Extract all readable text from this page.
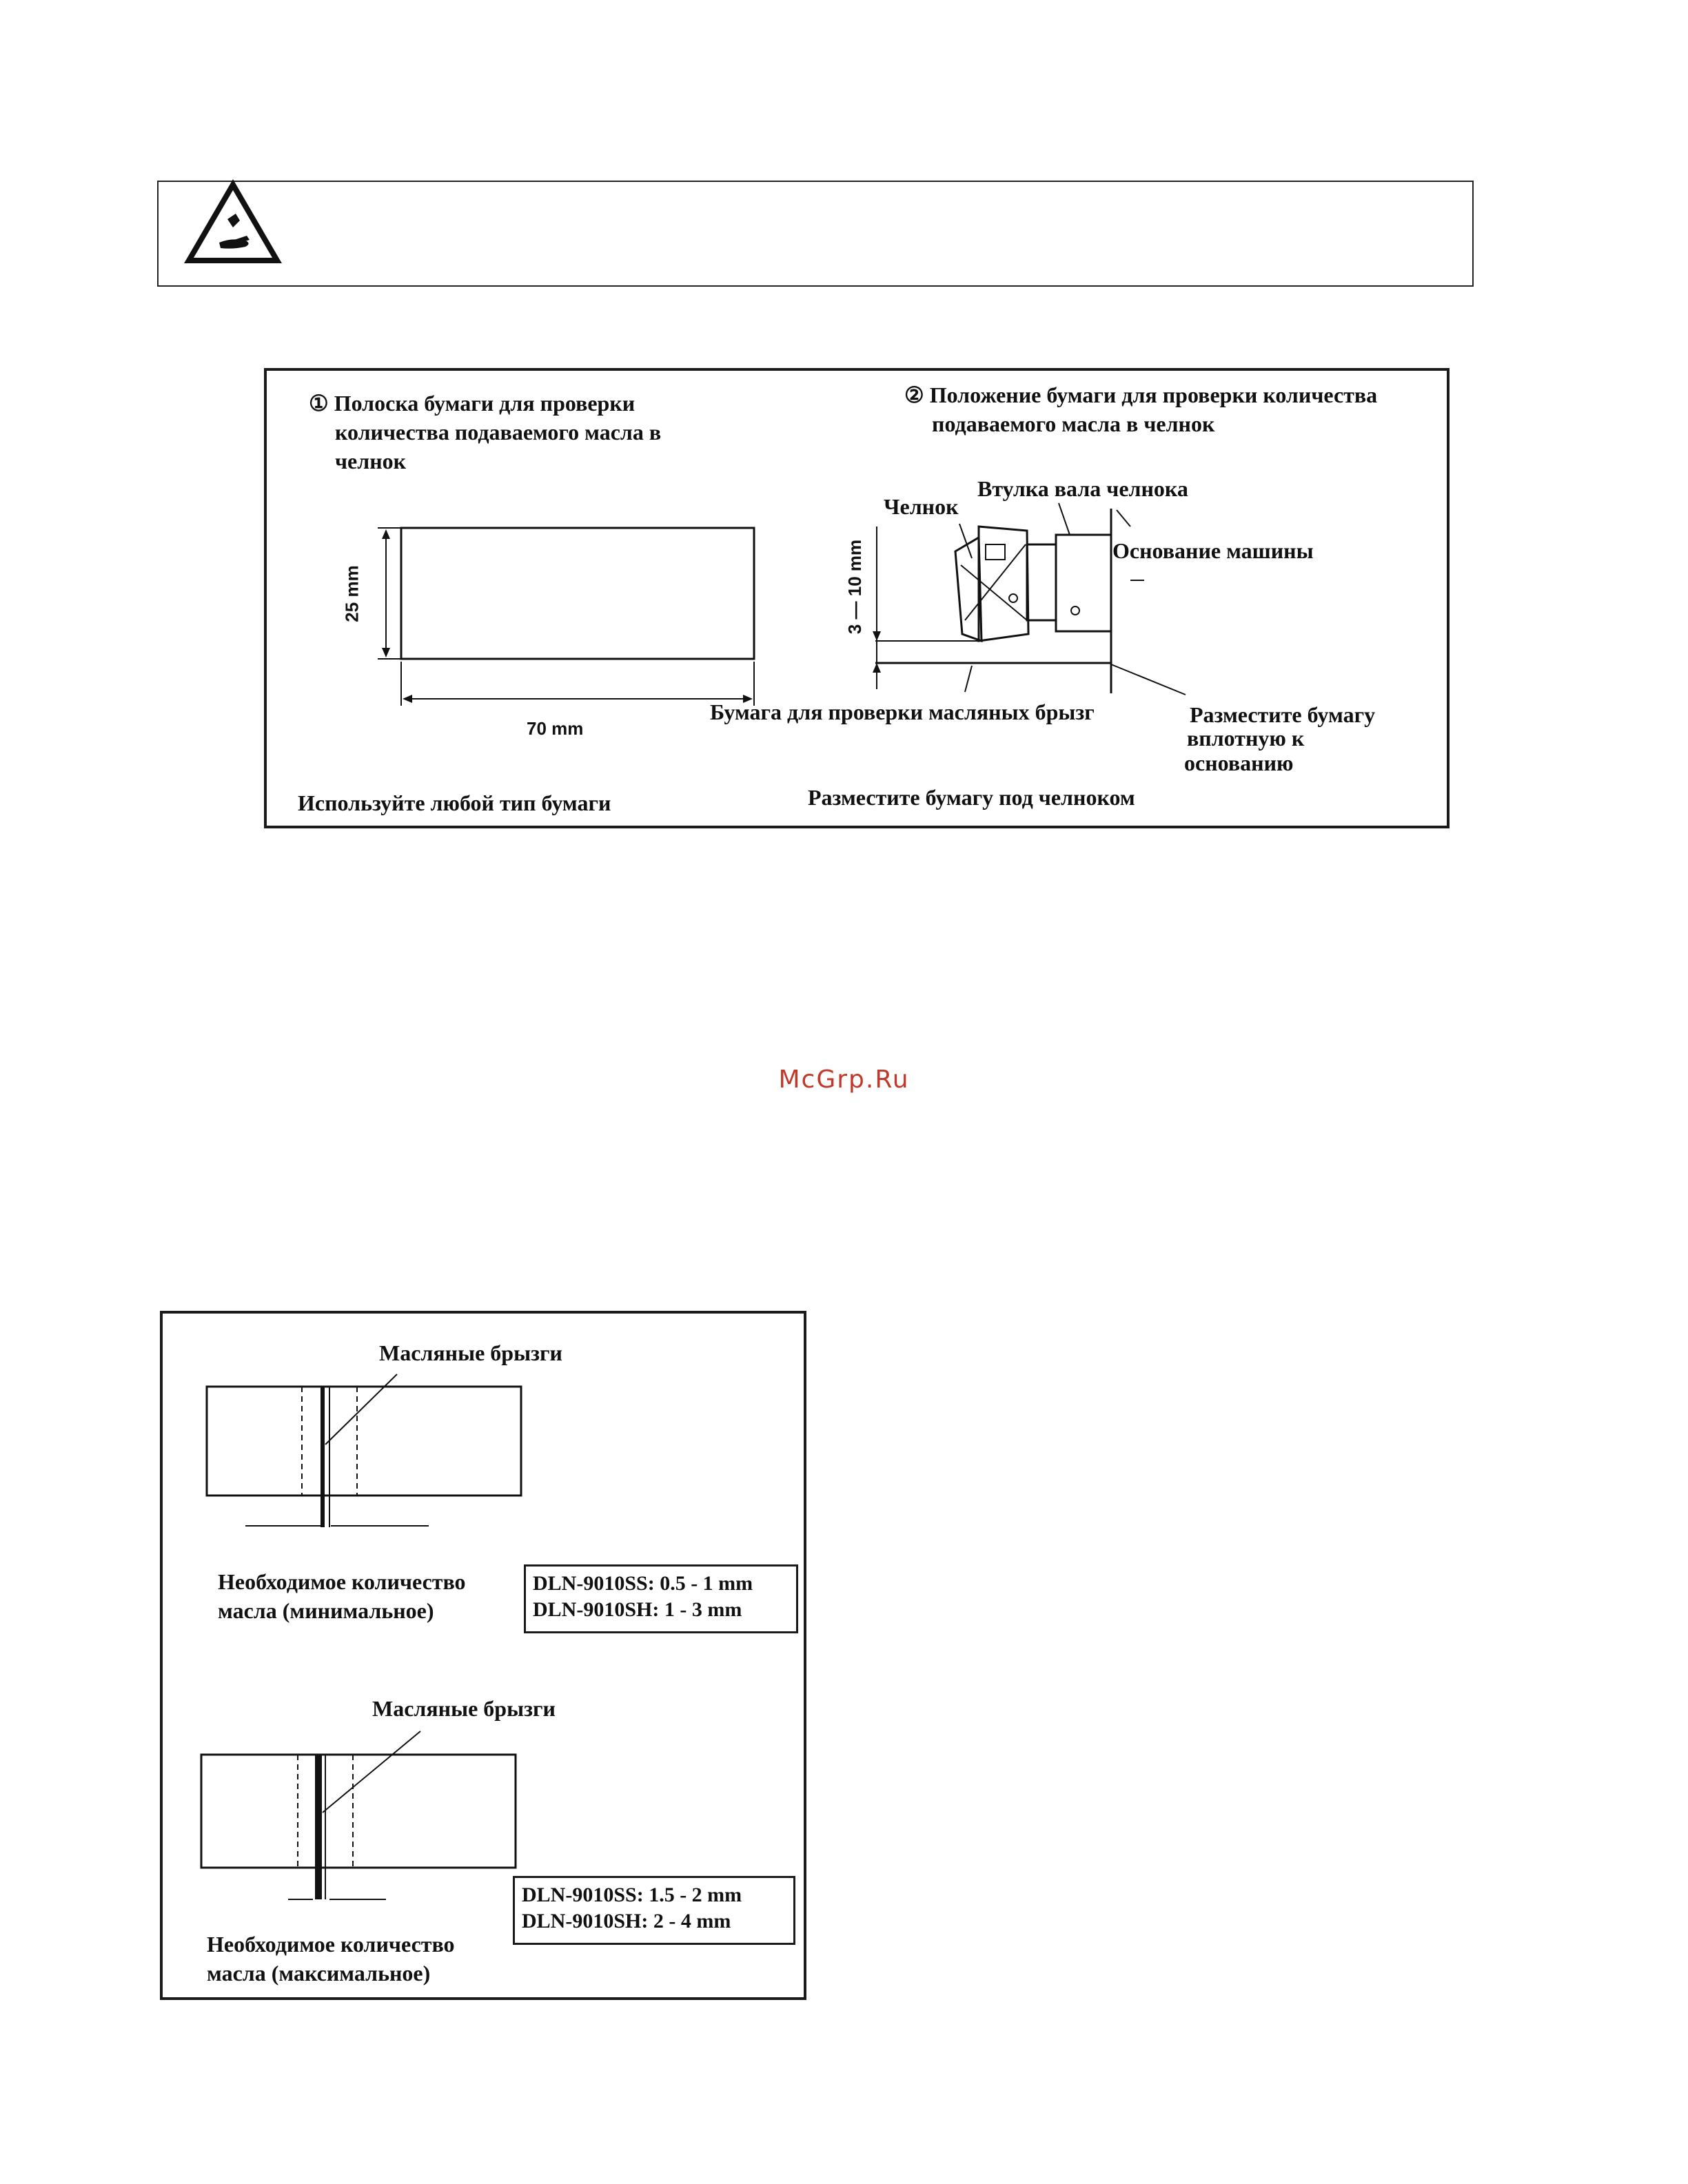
① Полоска бумаги для проверки
количества подаваемого масла в
челнок
25 mm
70 mm
Используйте любой тип бумаги
② Положение бумаги для проверки количества
подаваемого масла в челнок
Втулка вала челнока
Челнок
Основание машины
3 — 10 mm
Бумага для проверки масляных брызг	Разместите бумагу
вплотную к
основанию
Разместите бумагу под челноком
McGrp.Ru
Масляные брызги
Необходимое количество
масла (минимальное)
DLN-9010SS: 0.5 - 1 mm
DLN-9010SH: 1 - 3 mm
Масляные брызги
Необходимое количество
масла (максимальное)
DLN-9010SS: 1.5 - 2 mm
DLN-9010SH: 2 - 4 mm
